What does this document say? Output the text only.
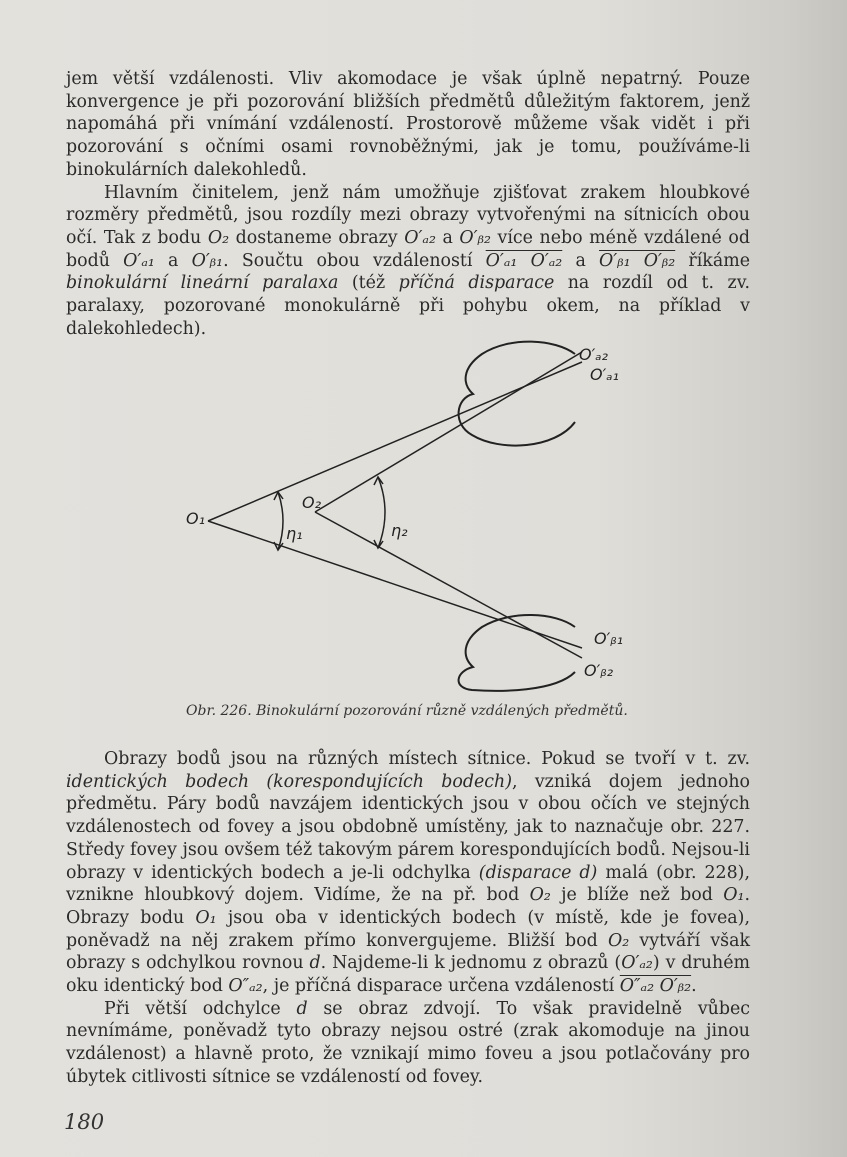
jem větší vzdálenosti. Vliv akomodace je však úplně nepatrný. Pouze konvergence je při pozorování bližších předmětů důležitým faktorem, jenž napomáhá při vnímání vzdáleností. Prostorově můžeme však vidět i při pozorování s očními osami rovnoběžnými, jak je tomu, používáme-li binokulárních dalekohledů.

Hlavním činitelem, jenž nám umožňuje zjišťovat zrakem hloubkové rozměry předmětů, jsou rozdíly mezi obrazy vytvořenými na sítnicích obou očí. Tak z bodu O₂ dostaneme obrazy O′ₐ₂ a O′ᵦ₂ více nebo méně vzdálené od bodů O′ₐ₁ a O′ᵦ₁. Součtu obou vzdáleností O′ₐ₁ O′ₐ₂ a O′ᵦ₁ O′ᵦ₂ říkáme binokulární lineární paralaxa (též příčná disparace na rozdíl od t. zv. paralaxy, pozorované monokulárně při pohybu okem, na příklad v dalekohledech).

O₁
O₂
η₁	η₂
O′ₐ₂
O′ₐ₁
O′ᵦ₁
O′ᵦ₂
Obr. 226. Binokulární pozorování různě vzdálených předmětů.

Obrazy bodů jsou na různých místech sítnice. Pokud se tvoří v t. zv. identických bodech (korespondujících bodech), vzniká dojem jednoho předmětu. Páry bodů navzájem identických jsou v obou očích ve stejných vzdálenostech od fovey a jsou obdobně umístěny, jak to naznačuje obr. 227. Středy fovey jsou ovšem též takovým párem korespondujících bodů. Nejsou-li obrazy v identických bodech a je-li odchylka (disparace d) malá (obr. 228), vznikne hloubkový dojem. Vidíme, že na př. bod O₂ je blíže než bod O₁. Obrazy bodu O₁ jsou oba v identických bodech (v místě, kde je fovea), poněvadž na něj zrakem přímo konvergujeme. Bližší bod O₂ vytváří však obrazy s odchylkou rovnou d. Najdeme-li k jednomu z obrazů (O′ₐ₂) v druhém oku identický bod O″ₐ₂, je příčná disparace určena vzdáleností O″ₐ₂ O′ᵦ₂.

Při větší odchylce d se obraz zdvojí. To však pravidelně vůbec nevnímáme, poněvadž tyto obrazy nejsou ostré (zrak akomoduje na jinou vzdálenost) a hlavně proto, že vznikají mimo foveu a jsou potlačovány pro úbytek citlivosti sítnice se vzdáleností od fovey.

180
